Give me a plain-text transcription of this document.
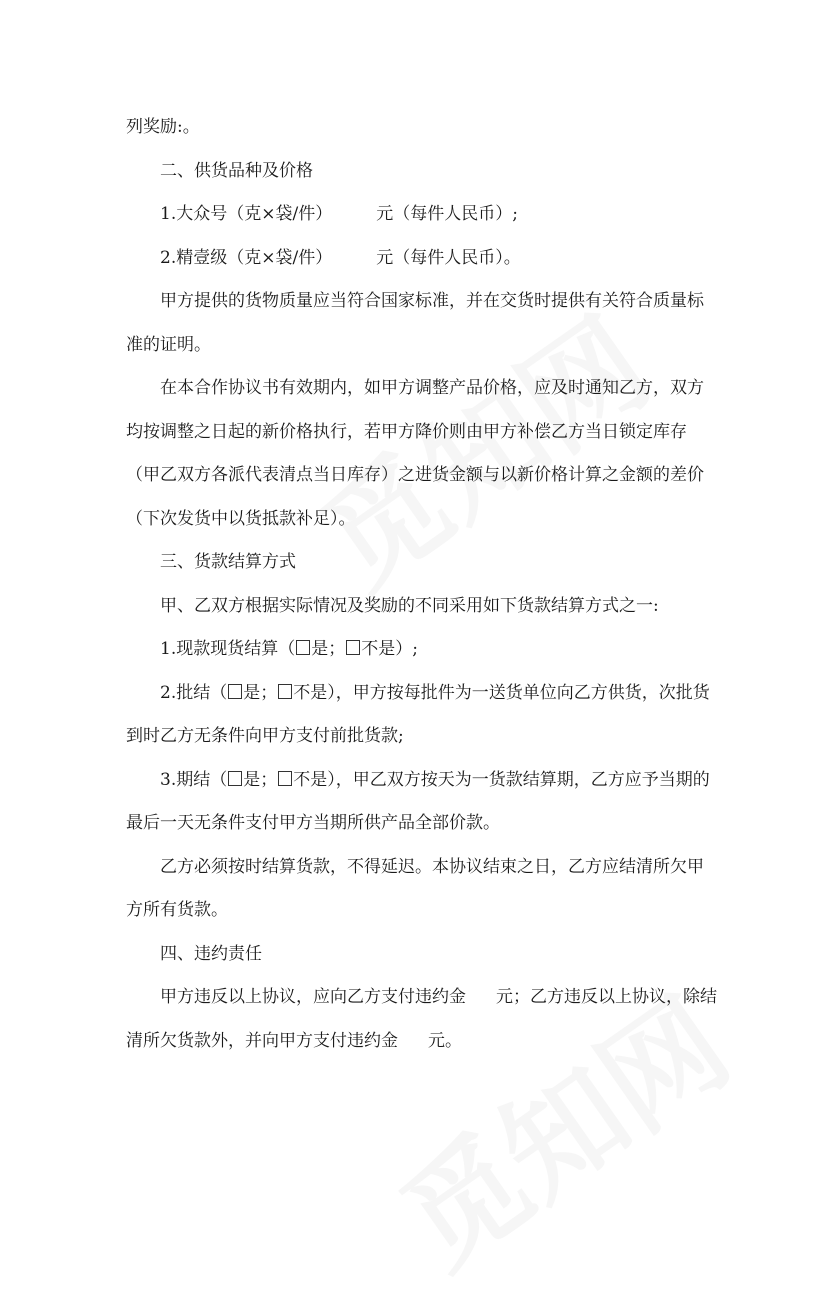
列奖励:。

二、供货品种及价格

1.大众号（克×袋/件）	元（每件人民币）;

2.精壹级（克×袋/件）	元（每件人民币）。

甲方提供的货物质量应当符合国家标准，并在交货时提供有关符合质量标准的证明。

在本合作协议书有效期内，如甲方调整产品价格，应及时通知乙方，双方均按调整之日起的新价格执行，若甲方降价则由甲方补偿乙方当日锁定库存（甲乙双方各派代表清点当日库存）之进货金额与以新价格计算之金额的差价（下次发货中以货抵款补足）。

三、货款结算方式

甲、乙双方根据实际情况及奖励的不同采用如下货款结算方式之一:

1.现款现货结算（ 是； 不是）;

2.批结（ 是； 不是），甲方按每批件为一送货单位向乙方供货，次批货到时乙方无条件向甲方支付前批货款;

3.期结（ 是； 不是），甲乙双方按天为一货款结算期，乙方应予当期的最后一天无条件支付甲方当期所供产品全部价款。

乙方必须按时结算货款，不得延迟。本协议结束之日，乙方应结清所欠甲方所有货款。

四、违约责任

甲方违反以上协议，应向乙方支付违约金 元；乙方违反以上协议，除结清所欠货款外，并向甲方支付违约金 元。
